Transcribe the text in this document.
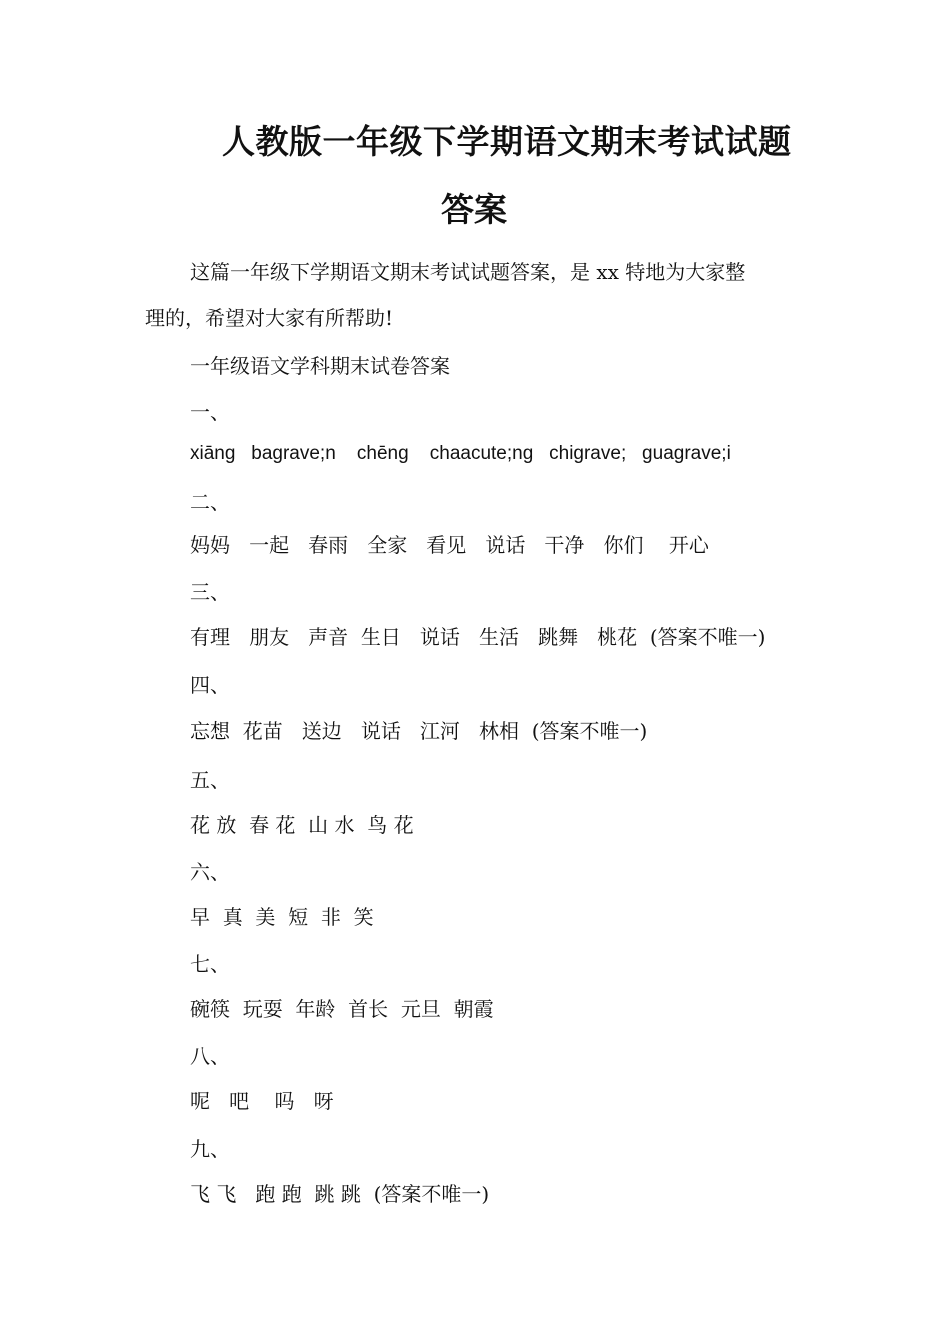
人教版一年级下学期语文期末考试试题
答案
这篇一年级下学期语文期末考试试题答案，是 xx 特地为大家整
理的，希望对大家有所帮助!
一年级语文学科期末试卷答案
一、
xiāng   bagrave;n    chēng    chaacute;ng   chigrave;   guagrave;i
二、
妈妈   一起   春雨   全家   看见   说话   干净   你们    开心
三、
有理   朋友   声音  生日   说话   生活   跳舞   桃花  (答案不唯一)
四、
忘想  花苗   送边   说话   江河   林相  (答案不唯一)
五、
花 放  春 花  山 水  鸟 花
六、
早  真  美  短  非  笑
七、
碗筷  玩耍  年龄  首长  元旦  朝霞
八、
呢   吧    吗   呀
九、
飞 飞   跑 跑  跳 跳  (答案不唯一)
